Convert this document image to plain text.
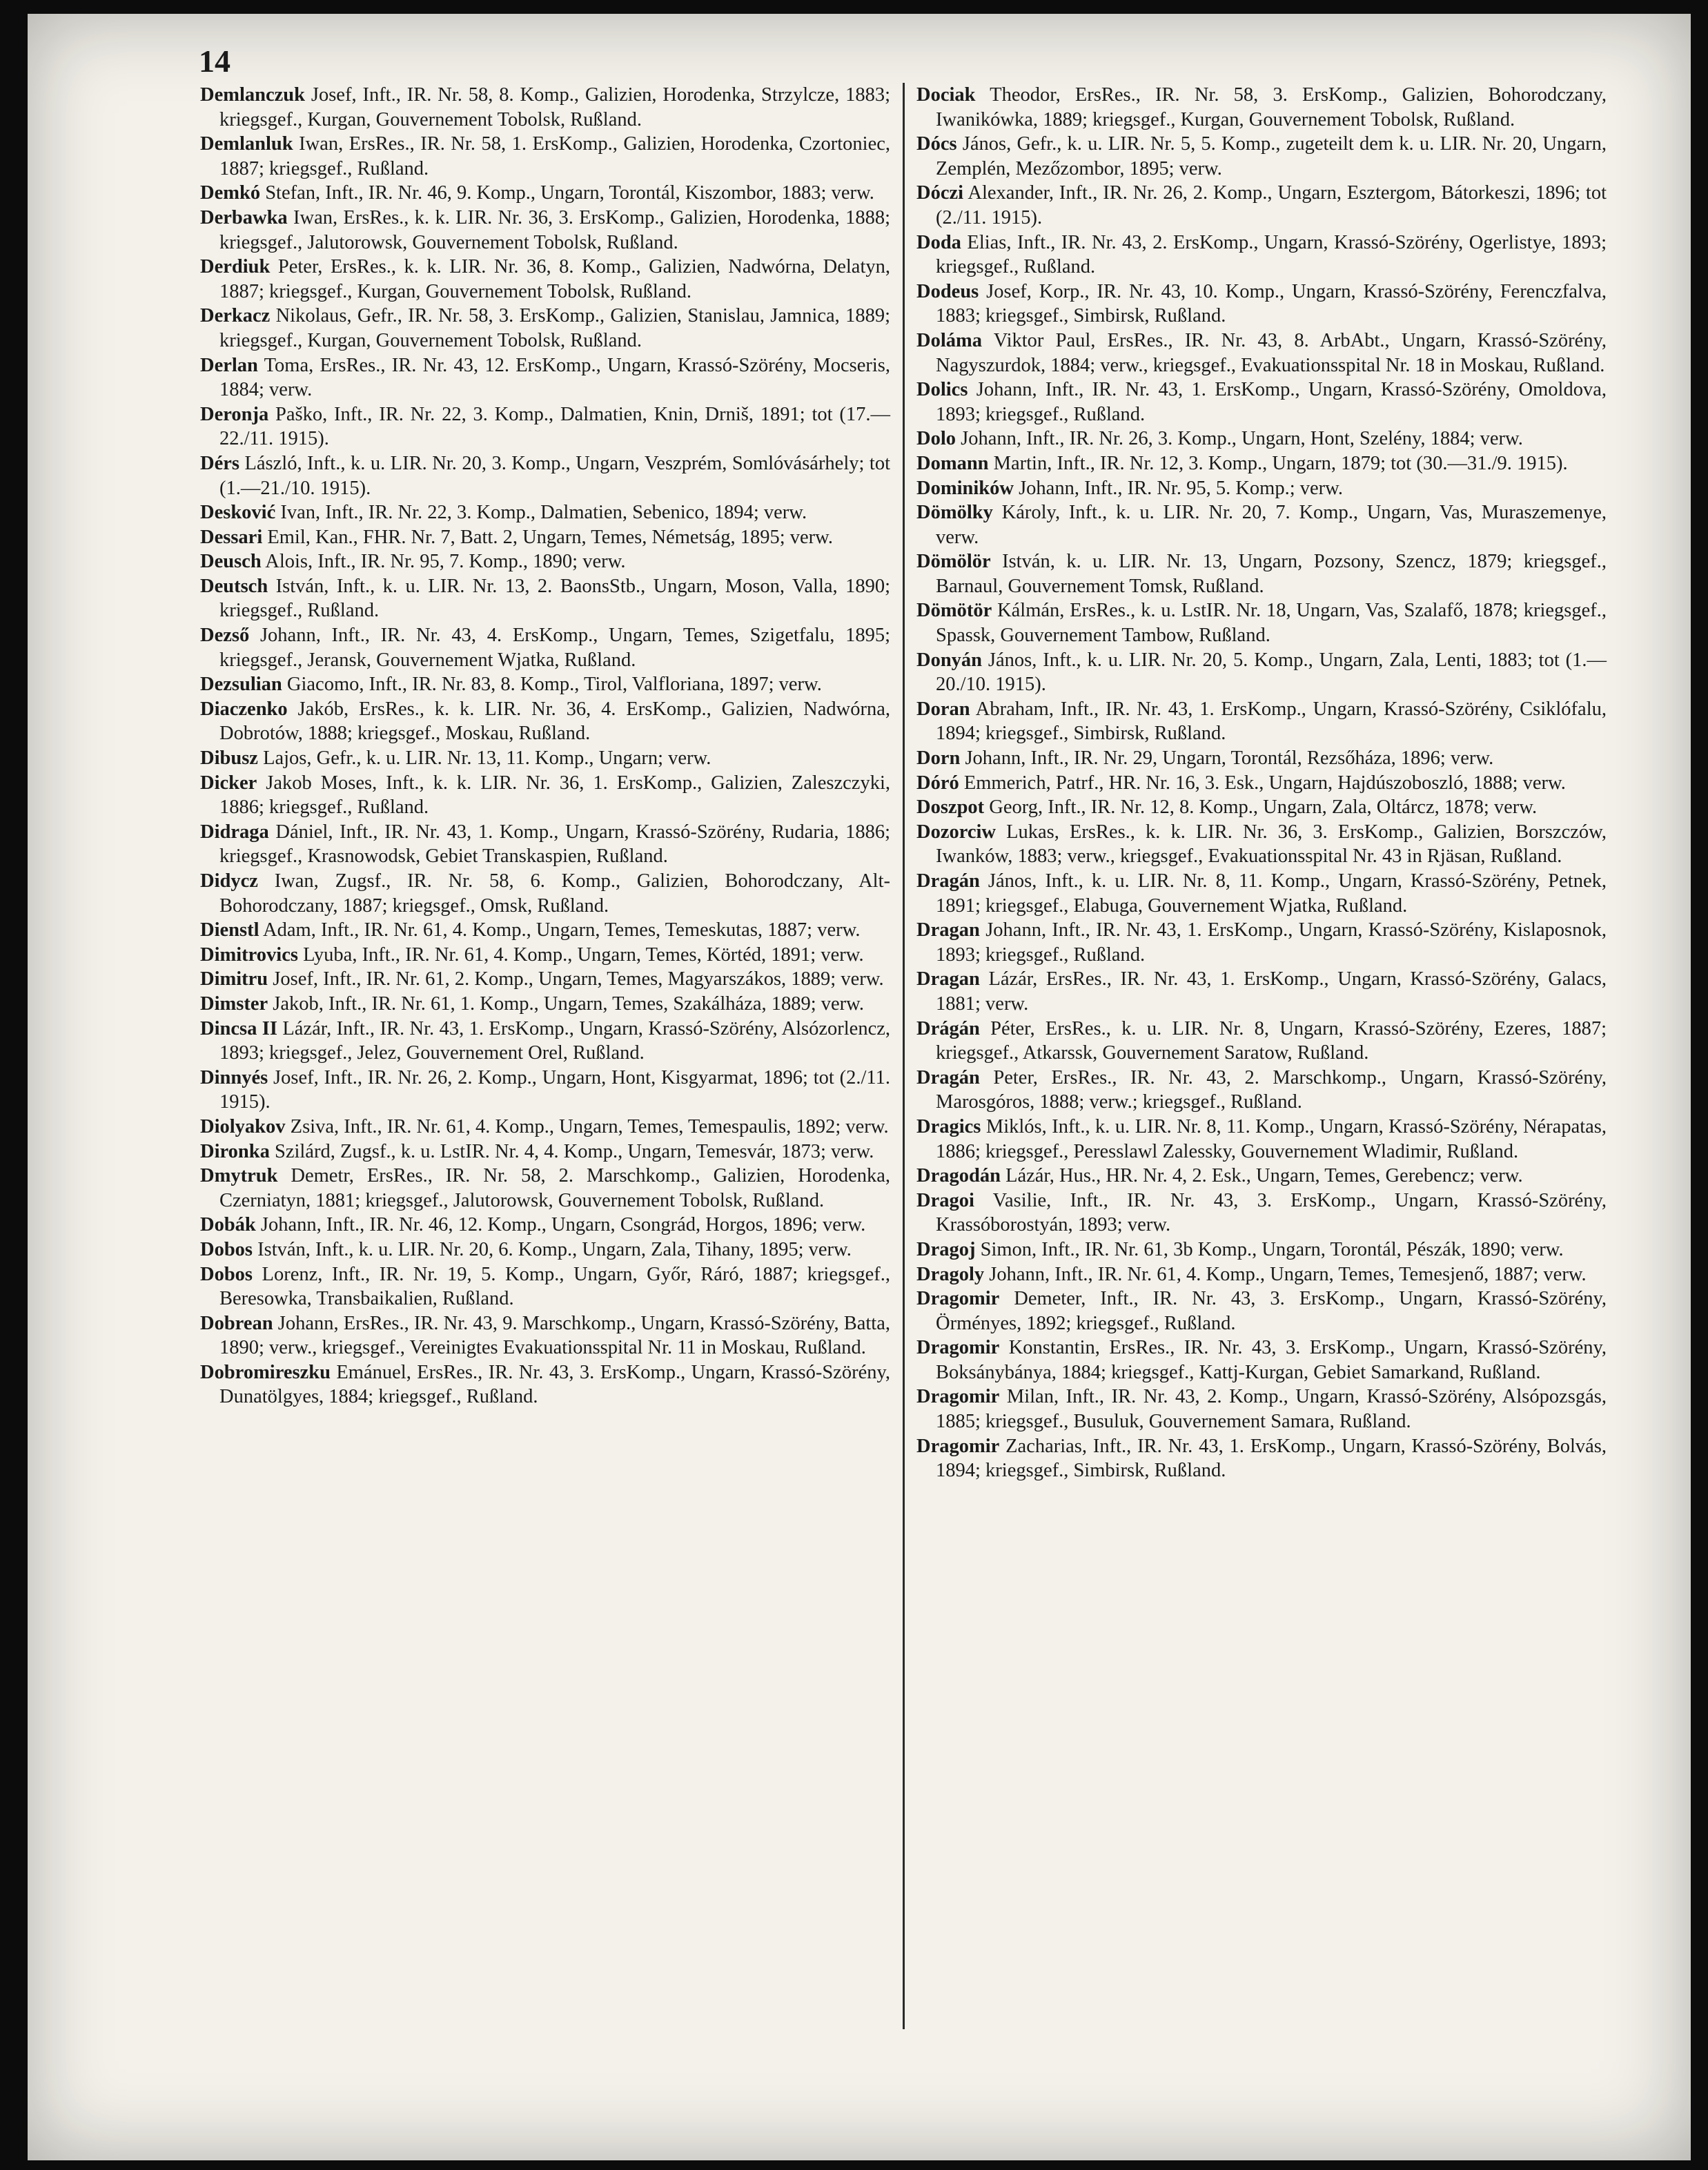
14

Demlanczuk Josef, Inft., IR. Nr. 58, 8. Komp., Galizien, Horodenka, Strzylcze, 1883; kriegsgef., Kurgan, Gouvernement Tobolsk, Rußland.

Demlanluk Iwan, ErsRes., IR. Nr. 58, 1. ErsKomp., Galizien, Horodenka, Czortoniec, 1887; kriegsgef., Rußland.

Demkó Stefan, Inft., IR. Nr. 46, 9. Komp., Ungarn, Torontál, Kiszombor, 1883; verw.

Derbawka Iwan, ErsRes., k. k. LIR. Nr. 36, 3. ErsKomp., Galizien, Horodenka, 1888; kriegsgef., Jalutorowsk, Gouvernement Tobolsk, Rußland.

Derdiuk Peter, ErsRes., k. k. LIR. Nr. 36, 8. Komp., Galizien, Nadwórna, Delatyn, 1887; kriegsgef., Kurgan, Gouvernement Tobolsk, Rußland.

Derkacz Nikolaus, Gefr., IR. Nr. 58, 3. ErsKomp., Galizien, Stanislau, Jamnica, 1889; kriegsgef., Kurgan, Gouvernement Tobolsk, Rußland.

Derlan Toma, ErsRes., IR. Nr. 43, 12. ErsKomp., Ungarn, Krassó-Szörény, Mocseris, 1884; verw.

Deronja Paško, Inft., IR. Nr. 22, 3. Komp., Dalmatien, Knin, Drniš, 1891; tot (17.—22./11. 1915).

Dérs László, Inft., k. u. LIR. Nr. 20, 3. Komp., Ungarn, Veszprém, Somlóvásárhely; tot (1.—21./10. 1915).

Desković Ivan, Inft., IR. Nr. 22, 3. Komp., Dalmatien, Sebenico, 1894; verw.

Dessari Emil, Kan., FHR. Nr. 7, Batt. 2, Ungarn, Temes, Németság, 1895; verw.

Deusch Alois, Inft., IR. Nr. 95, 7. Komp., 1890; verw.

Deutsch István, Inft., k. u. LIR. Nr. 13, 2. BaonsStb., Ungarn, Moson, Valla, 1890; kriegsgef., Rußland.

Dezső Johann, Inft., IR. Nr. 43, 4. ErsKomp., Ungarn, Temes, Szigetfalu, 1895; kriegsgef., Jeransk, Gouvernement Wjatka, Rußland.

Dezsulian Giacomo, Inft., IR. Nr. 83, 8. Komp., Tirol, Valfloriana, 1897; verw.

Diaczenko Jakób, ErsRes., k. k. LIR. Nr. 36, 4. ErsKomp., Galizien, Nadwórna, Dobrotów, 1888; kriegsgef., Moskau, Rußland.

Dibusz Lajos, Gefr., k. u. LIR. Nr. 13, 11. Komp., Ungarn; verw.

Dicker Jakob Moses, Inft., k. k. LIR. Nr. 36, 1. ErsKomp., Galizien, Zaleszczyki, 1886; kriegsgef., Rußland.

Didraga Dániel, Inft., IR. Nr. 43, 1. Komp., Ungarn, Krassó-Szörény, Rudaria, 1886; kriegsgef., Krasnowodsk, Gebiet Transkaspien, Rußland.

Didycz Iwan, Zugsf., IR. Nr. 58, 6. Komp., Galizien, Bohorodczany, Alt-Bohorodczany, 1887; kriegsgef., Omsk, Rußland.

Dienstl Adam, Inft., IR. Nr. 61, 4. Komp., Ungarn, Temes, Temeskutas, 1887; verw.

Dimitrovics Lyuba, Inft., IR. Nr. 61, 4. Komp., Ungarn, Temes, Körtéd, 1891; verw.

Dimitru Josef, Inft., IR. Nr. 61, 2. Komp., Ungarn, Temes, Magyarszákos, 1889; verw.

Dimster Jakob, Inft., IR. Nr. 61, 1. Komp., Ungarn, Temes, Szakálháza, 1889; verw.

Dincsa II Lázár, Inft., IR. Nr. 43, 1. ErsKomp., Ungarn, Krassó-Szörény, Alsózorlencz, 1893; kriegsgef., Jelez, Gouvernement Orel, Rußland.

Dinnyés Josef, Inft., IR. Nr. 26, 2. Komp., Ungarn, Hont, Kisgyarmat, 1896; tot (2./11. 1915).

Diolyakov Zsiva, Inft., IR. Nr. 61, 4. Komp., Ungarn, Temes, Temespaulis, 1892; verw.

Dironka Szilárd, Zugsf., k. u. LstIR. Nr. 4, 4. Komp., Ungarn, Temesvár, 1873; verw.

Dmytruk Demetr, ErsRes., IR. Nr. 58, 2. Marschkomp., Galizien, Horodenka, Czerniatyn, 1881; kriegsgef., Jalutorowsk, Gouvernement Tobolsk, Rußland.

Dobák Johann, Inft., IR. Nr. 46, 12. Komp., Ungarn, Csongrád, Horgos, 1896; verw.

Dobos István, Inft., k. u. LIR. Nr. 20, 6. Komp., Ungarn, Zala, Tihany, 1895; verw.

Dobos Lorenz, Inft., IR. Nr. 19, 5. Komp., Ungarn, Győr, Ráró, 1887; kriegsgef., Beresowka, Transbaikalien, Rußland.

Dobrean Johann, ErsRes., IR. Nr. 43, 9. Marschkomp., Ungarn, Krassó-Szörény, Batta, 1890; verw., kriegsgef., Vereinigtes Evakuationsspital Nr. 11 in Moskau, Rußland.

Dobromireszku Emánuel, ErsRes., IR. Nr. 43, 3. ErsKomp., Ungarn, Krassó-Szörény, Dunatölgyes, 1884; kriegsgef., Rußland.

Dociak Theodor, ErsRes., IR. Nr. 58, 3. ErsKomp., Galizien, Bohorodczany, Iwanikówka, 1889; kriegsgef., Kurgan, Gouvernement Tobolsk, Rußland.

Dócs János, Gefr., k. u. LIR. Nr. 5, 5. Komp., zugeteilt dem k. u. LIR. Nr. 20, Ungarn, Zemplén, Mezőzombor, 1895; verw.

Dóczi Alexander, Inft., IR. Nr. 26, 2. Komp., Ungarn, Esztergom, Bátorkeszi, 1896; tot (2./11. 1915).

Doda Elias, Inft., IR. Nr. 43, 2. ErsKomp., Ungarn, Krassó-Szörény, Ogerlistye, 1893; kriegsgef., Rußland.

Dodeus Josef, Korp., IR. Nr. 43, 10. Komp., Ungarn, Krassó-Szörény, Ferenczfalva, 1883; kriegsgef., Simbirsk, Rußland.

Doláma Viktor Paul, ErsRes., IR. Nr. 43, 8. ArbAbt., Ungarn, Krassó-Szörény, Nagyszurdok, 1884; verw., kriegsgef., Evakuationsspital Nr. 18 in Moskau, Rußland.

Dolics Johann, Inft., IR. Nr. 43, 1. ErsKomp., Ungarn, Krassó-Szörény, Omoldova, 1893; kriegsgef., Rußland.

Dolo Johann, Inft., IR. Nr. 26, 3. Komp., Ungarn, Hont, Szelény, 1884; verw.

Domann Martin, Inft., IR. Nr. 12, 3. Komp., Ungarn, 1879; tot (30.—31./9. 1915).

Dominików Johann, Inft., IR. Nr. 95, 5. Komp.; verw.

Dömölky Károly, Inft., k. u. LIR. Nr. 20, 7. Komp., Ungarn, Vas, Muraszemenye, verw.

Dömölör István, k. u. LIR. Nr. 13, Ungarn, Pozsony, Szencz, 1879; kriegsgef., Barnaul, Gouvernement Tomsk, Rußland.

Dömötör Kálmán, ErsRes., k. u. LstIR. Nr. 18, Ungarn, Vas, Szalafő, 1878; kriegsgef., Spassk, Gouvernement Tambow, Rußland.

Donyán János, Inft., k. u. LIR. Nr. 20, 5. Komp., Ungarn, Zala, Lenti, 1883; tot (1.—20./10. 1915).

Doran Abraham, Inft., IR. Nr. 43, 1. ErsKomp., Ungarn, Krassó-Szörény, Csiklófalu, 1894; kriegsgef., Simbirsk, Rußland.

Dorn Johann, Inft., IR. Nr. 29, Ungarn, Torontál, Rezsőháza, 1896; verw.

Dóró Emmerich, Patrf., HR. Nr. 16, 3. Esk., Ungarn, Hajdúszoboszló, 1888; verw.

Doszpot Georg, Inft., IR. Nr. 12, 8. Komp., Ungarn, Zala, Oltárcz, 1878; verw.

Dozorciw Lukas, ErsRes., k. k. LIR. Nr. 36, 3. ErsKomp., Galizien, Borszczów, Iwanków, 1883; verw., kriegsgef., Evakuationsspital Nr. 43 in Rjäsan, Rußland.

Dragán János, Inft., k. u. LIR. Nr. 8, 11. Komp., Ungarn, Krassó-Szörény, Petnek, 1891; kriegsgef., Elabuga, Gouvernement Wjatka, Rußland.

Dragan Johann, Inft., IR. Nr. 43, 1. ErsKomp., Ungarn, Krassó-Szörény, Kislaposnok, 1893; kriegsgef., Rußland.

Dragan Lázár, ErsRes., IR. Nr. 43, 1. ErsKomp., Ungarn, Krassó-Szörény, Galacs, 1881; verw.

Drágán Péter, ErsRes., k. u. LIR. Nr. 8, Ungarn, Krassó-Szörény, Ezeres, 1887; kriegsgef., Atkarssk, Gouvernement Saratow, Rußland.

Dragán Peter, ErsRes., IR. Nr. 43, 2. Marschkomp., Ungarn, Krassó-Szörény, Marosgóros, 1888; verw.; kriegsgef., Rußland.

Dragics Miklós, Inft., k. u. LIR. Nr. 8, 11. Komp., Ungarn, Krassó-Szörény, Nérapatas, 1886; kriegsgef., Peresslawl Zalessky, Gouvernement Wladimir, Rußland.

Dragodán Lázár, Hus., HR. Nr. 4, 2. Esk., Ungarn, Temes, Gerebencz; verw.

Dragoi Vasilie, Inft., IR. Nr. 43, 3. ErsKomp., Ungarn, Krassó-Szörény, Krassóborostyán, 1893; verw.

Dragoj Simon, Inft., IR. Nr. 61, 3b Komp., Ungarn, Torontál, Pészák, 1890; verw.

Dragoly Johann, Inft., IR. Nr. 61, 4. Komp., Ungarn, Temes, Temesjenő, 1887; verw.

Dragomir Demeter, Inft., IR. Nr. 43, 3. ErsKomp., Ungarn, Krassó-Szörény, Örményes, 1892; kriegsgef., Rußland.

Dragomir Konstantin, ErsRes., IR. Nr. 43, 3. ErsKomp., Ungarn, Krassó-Szörény, Boksánybánya, 1884; kriegsgef., Kattj-Kurgan, Gebiet Samarkand, Rußland.

Dragomir Milan, Inft., IR. Nr. 43, 2. Komp., Ungarn, Krassó-Szörény, Alsópozsgás, 1885; kriegsgef., Busuluk, Gouvernement Samara, Rußland.

Dragomir Zacharias, Inft., IR. Nr. 43, 1. ErsKomp., Ungarn, Krassó-Szörény, Bolvás, 1894; kriegsgef., Simbirsk, Rußland.
